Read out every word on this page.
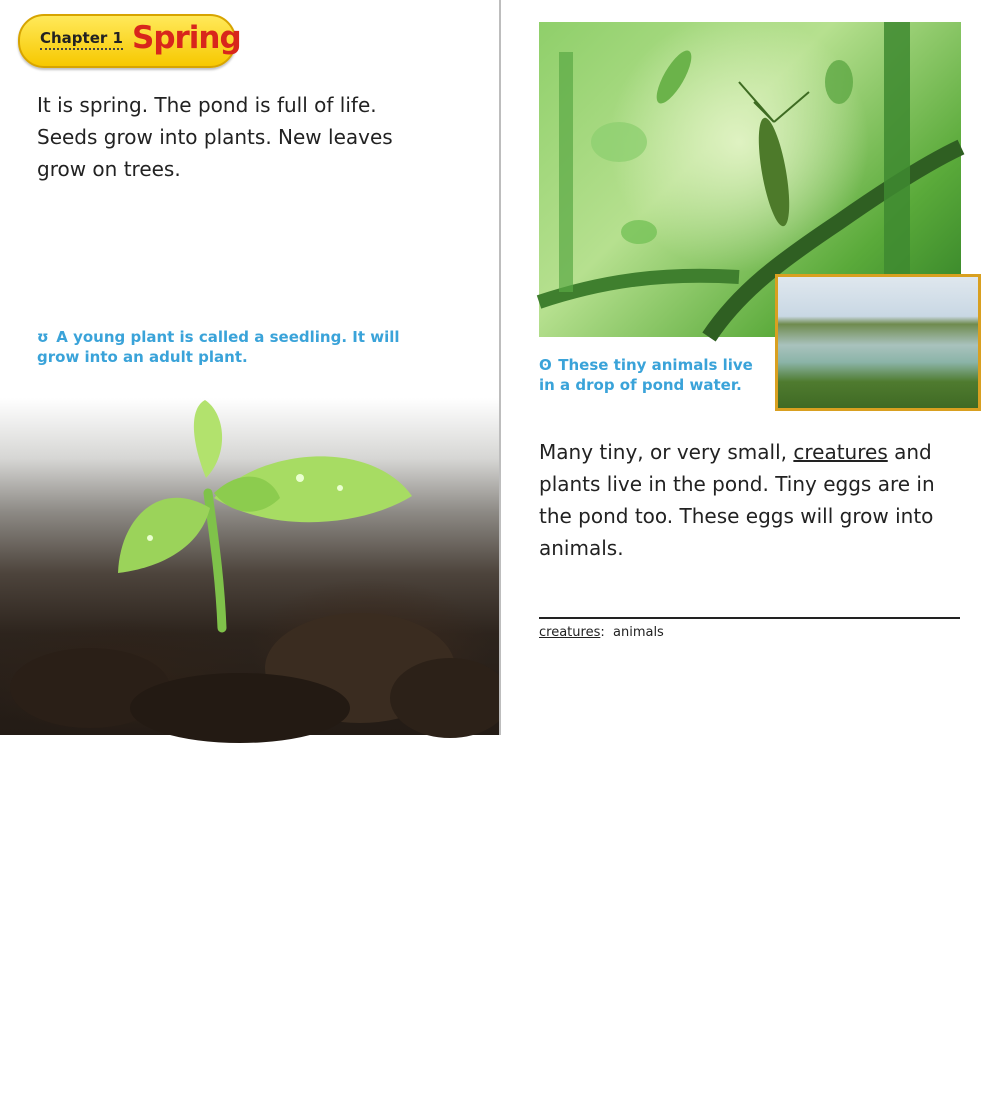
Chapter 1 Spring
It is spring. The pond is full of life. Seeds grow into plants. New leaves grow on trees.
ʊ A young plant is called a seedling. It will grow into an adult plant.
4
ʘ These tiny animals live in a drop of pond water.
Many tiny, or very small, creatures and plants live in the pond. Tiny eggs are in the pond too. These eggs will grow into animals.
creatures: animals
